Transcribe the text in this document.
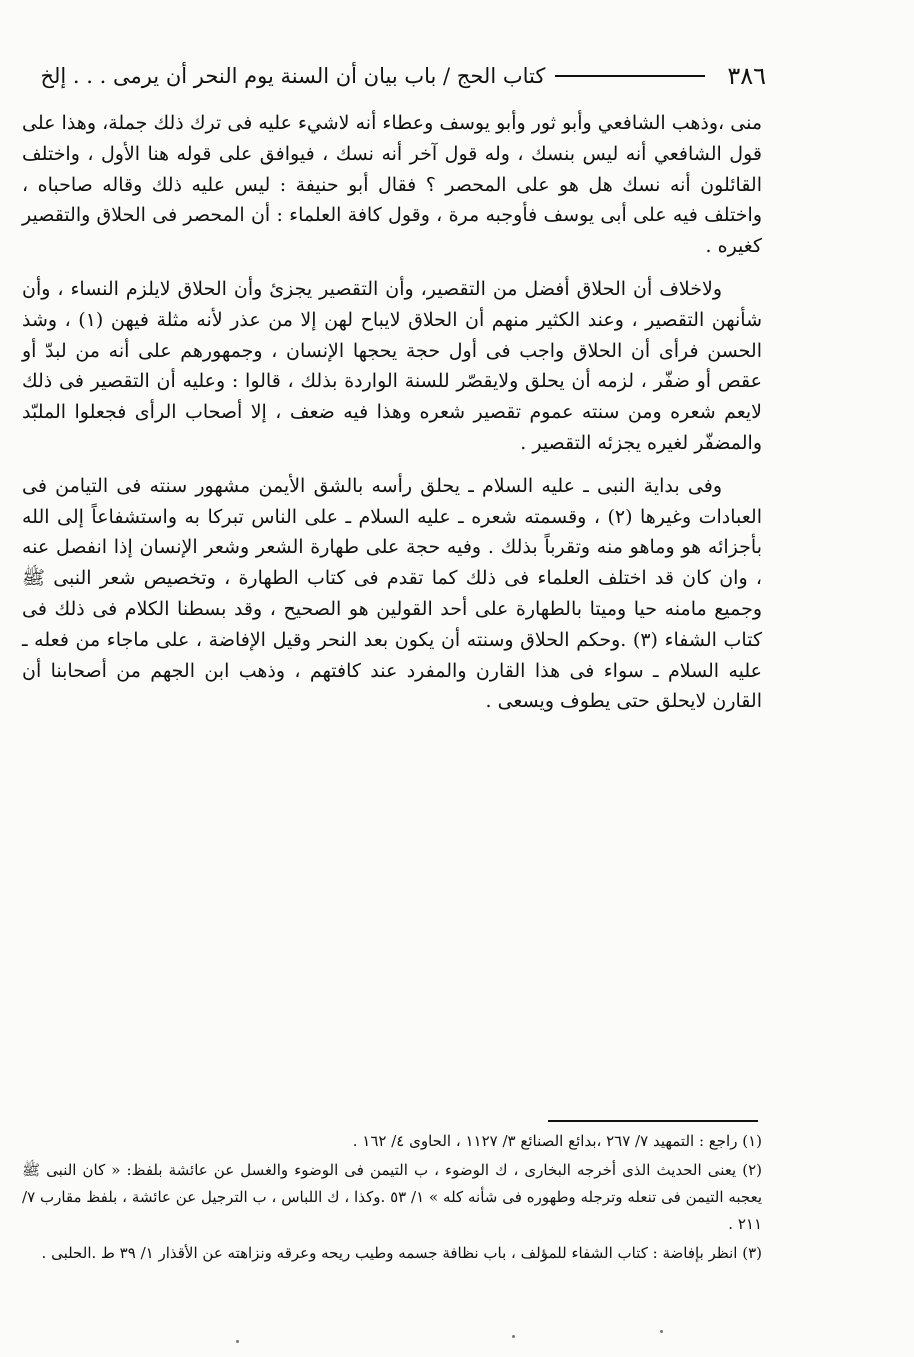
٣٨٦
كتاب الحج / باب بيان أن السنة يوم النحر أن يرمى . . . إلخ

منى ،وذهب الشافعي وأبو ثور وأبو يوسف وعطاء أنه لاشيء عليه فى ترك ذلك جملة، وهذا على قول الشافعي أنه ليس بنسك ، وله قول آخر أنه نسك ، فيوافق على قوله هنا الأول ، واختلف القائلون أنه نسك هل هو على المحصر ؟ فقال أبو حنيفة : ليس عليه ذلك وقاله صاحباه ، واختلف فيه على أبى يوسف فأوجبه مرة ، وقول كافة العلماء : أن المحصر فى الحلاق والتقصير كغيره .

ولاخلاف أن الحلاق أفضل من التقصير، وأن التقصير يجزئ وأن الحلاق لايلزم النساء ، وأن شأنهن التقصير ، وعند الكثير منهم أن الحلاق لايباح لهن إلا من عذر لأنه مثلة فيهن (١) ، وشذ الحسن فرأى أن الحلاق واجب فى أول حجة يحجها الإنسان ، وجمهورهم على أنه من لبدّ أو عقص أو ضفّر ، لزمه أن يحلق ولايقصّر للسنة الواردة بذلك ، قالوا : وعليه أن التقصير فى ذلك لايعم شعره ومن سنته عموم تقصير شعره وهذا فيه ضعف ، إلا أصحاب الرأى فجعلوا الملبّد والمضفّر لغيره يجزئه التقصير .

وفى بداية النبى ـ عليه السلام ـ يحلق رأسه بالشق الأيمن مشهور سنته فى التيامن فى العبادات وغيرها (٢) ، وقسمته شعره ـ عليه السلام ـ على الناس تبركا به واستشفاعاً إلى الله بأجزائه هو وماهو منه وتقرباً بذلك . وفيه حجة على طهارة الشعر وشعر الإنسان إذا انفصل عنه ، وان كان قد اختلف العلماء فى ذلك كما تقدم فى كتاب الطهارة ، وتخصيص شعر النبى ﷺ وجميع مامنه حيا وميتا بالطهارة على أحد القولين هو الصحيح ، وقد بسطنا الكلام فى ذلك فى كتاب الشفاء (٣) .وحكم الحلاق وسنته أن يكون بعد النحر وقيل الإفاضة ، على ماجاء من فعله ـ عليه السلام ـ سواء فى هذا القارن والمفرد عند كافتهم ، وذهب ابن الجهم من أصحابنا أن القارن لايحلق حتى يطوف ويسعى .

(١) راجع : التمهيد ٧/ ٢٦٧ ،بدائع الصنائع ٣/ ١١٢٧ ، الحاوى ٤/ ١٦٢ .

(٢) يعنى الحديث الذى أخرجه البخارى ، ك الوضوء ، ب التيمن فى الوضوء والغسل عن عائشة بلفظ: « كان النبى ﷺ يعجبه التيمن فى تنعله وترجله وطهوره فى شأنه كله » ١/ ٥٣ .وكذا ، ك اللباس ، ب الترجيل عن عائشة ، بلفظ مقارب ٧/ ٢١١ .

(٣) انظر بإفاضة : كتاب الشفاء للمؤلف ، باب نظافة جسمه وطيب ريحه وعرقه ونزاهته عن الأقذار ١/ ٣٩ ط .الحلبى .
